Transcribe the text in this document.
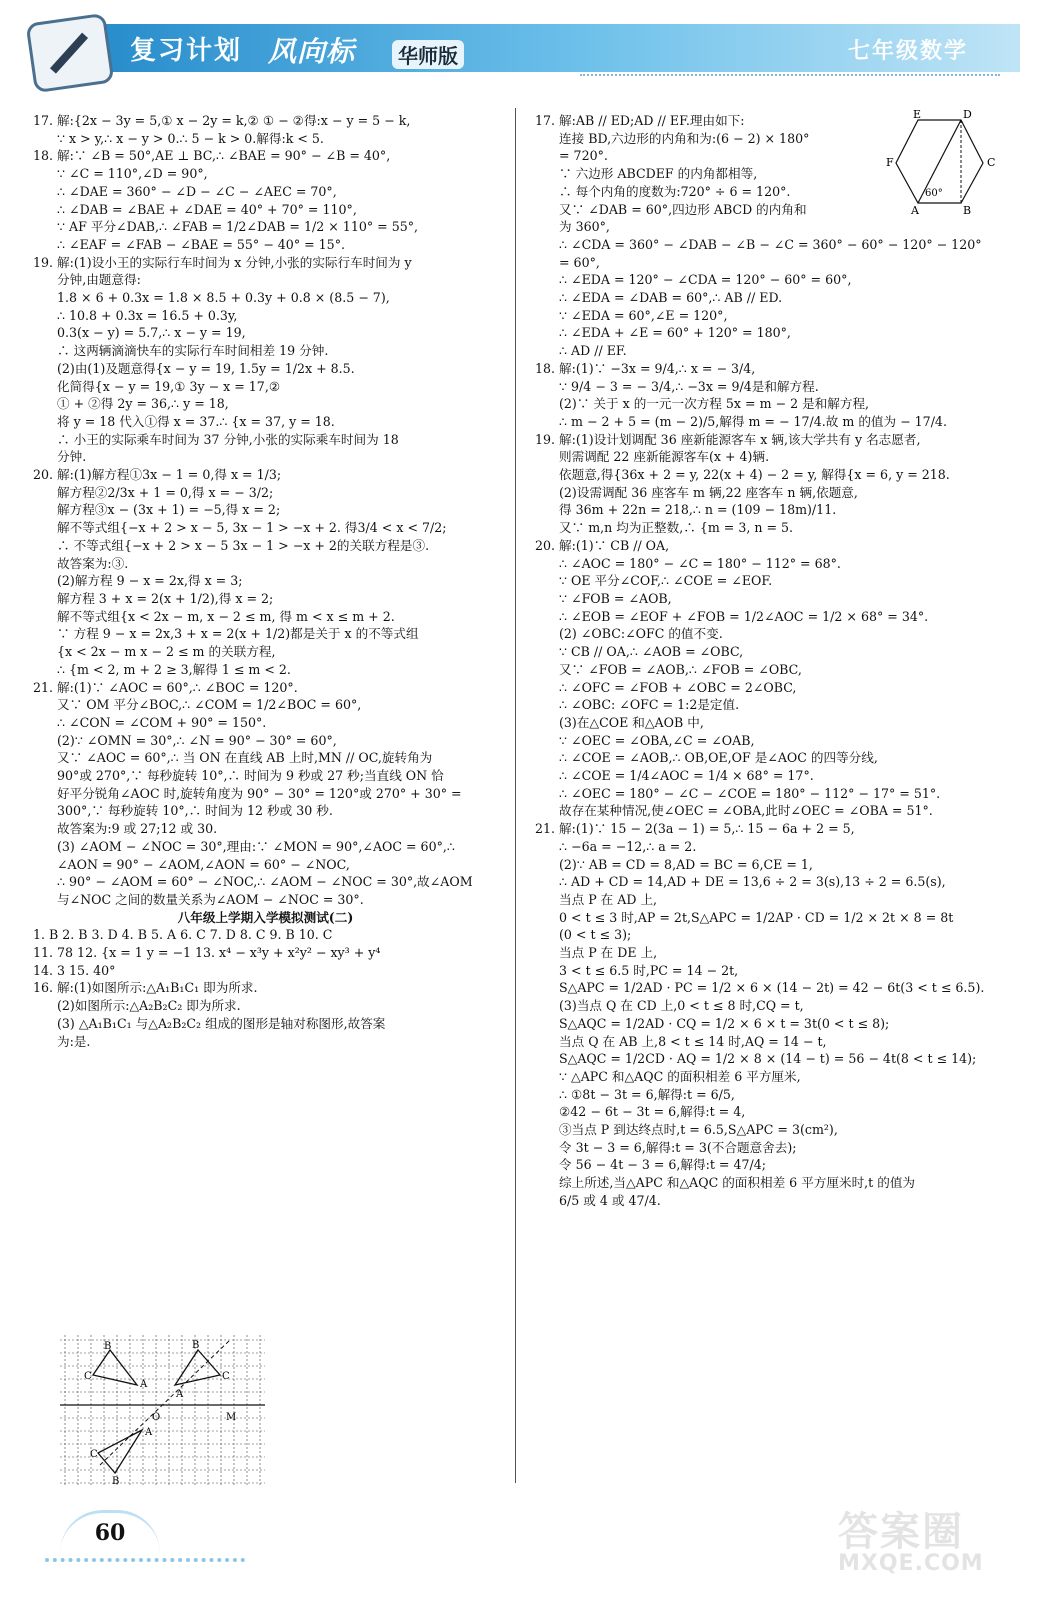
复习计划 风向标	华师版	七年级数学
17. 解:{2x − 3y = 5,① x − 2y = k,② ① − ②得:x − y = 5 − k,
∵ x > y,∴ x − y > 0.∴ 5 − k > 0.解得:k < 5.
18. 解:∵ ∠B = 50°,AE ⊥ BC,∴ ∠BAE = 90° − ∠B = 40°,
∵ ∠C = 110°,∠D = 90°,
∴ ∠DAE = 360° − ∠D − ∠C − ∠AEC = 70°,
∴ ∠DAB = ∠BAE + ∠DAE = 40° + 70° = 110°,
∵ AF 平分∠DAB,∴ ∠FAB = 1/2∠DAB = 1/2 × 110° = 55°,
∴ ∠EAF = ∠FAB − ∠BAE = 55° − 40° = 15°.
19. 解:(1)设小王的实际行车时间为 x 分钟,小张的实际行车时间为 y
分钟,由题意得:
1.8 × 6 + 0.3x = 1.8 × 8.5 + 0.3y + 0.8 × (8.5 − 7),
∴ 10.8 + 0.3x = 16.5 + 0.3y,
0.3(x − y) = 5.7,∴ x − y = 19,
∴ 这两辆滴滴快车的实际行车时间相差 19 分钟.
(2)由(1)及题意得{x − y = 19, 1.5y = 1/2x + 8.5.
化简得{x − y = 19,① 3y − x = 17,②
① + ②得 2y = 36,∴ y = 18,
将 y = 18 代入①得 x = 37.∴ {x = 37, y = 18.
∴ 小王的实际乘车时间为 37 分钟,小张的实际乘车时间为 18
分钟.
20. 解:(1)解方程①3x − 1 = 0,得 x = 1/3;
解方程②2/3x + 1 = 0,得 x = − 3/2;
解方程③x − (3x + 1) = −5,得 x = 2;
解不等式组{−x + 2 > x − 5, 3x − 1 > −x + 2. 得3/4 < x < 7/2;
∴ 不等式组{−x + 2 > x − 5 3x − 1 > −x + 2的关联方程是③.
故答案为:③.
(2)解方程 9 − x = 2x,得 x = 3;
解方程 3 + x = 2(x + 1/2),得 x = 2;
解不等式组{x < 2x − m, x − 2 ≤ m, 得 m < x ≤ m + 2.
∵ 方程 9 − x = 2x,3 + x = 2(x + 1/2)都是关于 x 的不等式组
{x < 2x − m x − 2 ≤ m 的关联方程,
∴ {m < 2, m + 2 ≥ 3,解得 1 ≤ m < 2.
21. 解:(1)∵ ∠AOC = 60°,∴ ∠BOC = 120°.
又∵ OM 平分∠BOC,∴ ∠COM = 1/2∠BOC = 60°,
∴ ∠CON = ∠COM + 90° = 150°.
(2)∵ ∠OMN = 30°,∴ ∠N = 90° − 30° = 60°,
又∵ ∠AOC = 60°,∴ 当 ON 在直线 AB 上时,MN // OC,旋转角为
90°或 270°,∵ 每秒旋转 10°,∴ 时间为 9 秒或 27 秒;当直线 ON 恰
好平分锐角∠AOC 时,旋转角度为 90° − 30° = 120°或 270° + 30° =
300°,∵ 每秒旋转 10°,∴ 时间为 12 秒或 30 秒.
故答案为:9 或 27;12 或 30.
(3) ∠AOM − ∠NOC = 30°,理由:∵ ∠MON = 90°,∠AOC = 60°,∴
∠AON = 90° − ∠AOM,∠AON = 60° − ∠NOC,
∴ 90° − ∠AOM = 60° − ∠NOC,∴ ∠AOM − ∠NOC = 30°,故∠AOM
与∠NOC 之间的数量关系为∠AOM − ∠NOC = 30°.
八年级上学期入学模拟测试(二)
1. B 2. B 3. D 4. B 5. A 6. C 7. D 8. C 9. B 10. C
11. 78 12. {x = 1 y = −1 13. x⁴ − x³y + x²y² − xy³ + y⁴
14. 3 15. 40°
16. 解:(1)如图所示:△A₁B₁C₁ 即为所求.
(2)如图所示:△A₂B₂C₂ 即为所求.
(3) △A₁B₁C₁ 与△A₂B₂C₂ 组成的图形是轴对称图形,故答案
为:是.
17. 解:AB // ED;AD // EF.理由如下:
连接 BD,六边形的内角和为:(6 − 2) × 180°
= 720°.
∵ 六边形 ABCDEF 的内角都相等,
∴ 每个内角的度数为:720° ÷ 6 = 120°.
又∵ ∠DAB = 60°,四边形 ABCD 的内角和
为 360°,
∴ ∠CDA = 360° − ∠DAB − ∠B − ∠C = 360° − 60° − 120° − 120°
= 60°,
∴ ∠EDA = 120° − ∠CDA = 120° − 60° = 60°,
∴ ∠EDA = ∠DAB = 60°,∴ AB // ED.
∵ ∠EDA = 60°,∠E = 120°,
∴ ∠EDA + ∠E = 60° + 120° = 180°,
∴ AD // EF.
18. 解:(1)∵ −3x = 9/4,∴ x = − 3/4,
∵ 9/4 − 3 = − 3/4,∴ −3x = 9/4是和解方程.
(2)∵ 关于 x 的一元一次方程 5x = m − 2 是和解方程,
∴ m − 2 + 5 = (m − 2)/5,解得 m = − 17/4.故 m 的值为 − 17/4.
19. 解:(1)设计划调配 36 座新能源客车 x 辆,该大学共有 y 名志愿者,
则需调配 22 座新能源客车(x + 4)辆.
依题意,得{36x + 2 = y, 22(x + 4) − 2 = y, 解得{x = 6, y = 218.
(2)设需调配 36 座客车 m 辆,22 座客车 n 辆,依题意,
得 36m + 22n = 218,∴ n = (109 − 18m)/11.
又∵ m,n 均为正整数,∴ {m = 3, n = 5.
20. 解:(1)∵ CB // OA,
∴ ∠AOC = 180° − ∠C = 180° − 112° = 68°.
∵ OE 平分∠COF,∴ ∠COE = ∠EOF.
∵ ∠FOB = ∠AOB,
∴ ∠EOB = ∠EOF + ∠FOB = 1/2∠AOC = 1/2 × 68° = 34°.
(2) ∠OBC:∠OFC 的值不变.
∵ CB // OA,∴ ∠AOB = ∠OBC,
又∵ ∠FOB = ∠AOB,∴ ∠FOB = ∠OBC,
∴ ∠OFC = ∠FOB + ∠OBC = 2∠OBC,
∴ ∠OBC: ∠OFC = 1:2是定值.
(3)在△COE 和△AOB 中,
∵ ∠OEC = ∠OBA,∠C = ∠OAB,
∴ ∠COE = ∠AOB,∴ OB,OE,OF 是∠AOC 的四等分线,
∴ ∠COE = 1/4∠AOC = 1/4 × 68° = 17°.
∴ ∠OEC = 180° − ∠C − ∠COE = 180° − 112° − 17° = 51°.
故存在某种情况,使∠OEC = ∠OBA,此时∠OEC = ∠OBA = 51°.
21. 解:(1)∵ 15 − 2(3a − 1) = 5,∴ 15 − 6a + 2 = 5,
∴ −6a = −12,∴ a = 2.
(2)∵ AB = CD = 8,AD = BC = 6,CE = 1,
∴ AD + CD = 14,AD + DE = 13,6 ÷ 2 = 3(s),13 ÷ 2 = 6.5(s),
当点 P 在 AD 上,
0 < t ≤ 3 时,AP = 2t,S△APC = 1/2AP · CD = 1/2 × 2t × 8 = 8t
(0 < t ≤ 3);
当点 P 在 DE 上,
3 < t ≤ 6.5 时,PC = 14 − 2t,
S△APC = 1/2AD · PC = 1/2 × 6 × (14 − 2t) = 42 − 6t(3 < t ≤ 6.5).
(3)当点 Q 在 CD 上,0 < t ≤ 8 时,CQ = t,
S△AQC = 1/2AD · CQ = 1/2 × 6 × t = 3t(0 < t ≤ 8);
当点 Q 在 AB 上,8 < t ≤ 14 时,AQ = 14 − t,
S△AQC = 1/2CD · AQ = 1/2 × 8 × (14 − t) = 56 − 4t(8 < t ≤ 14);
∵ △APC 和△AQC 的面积相差 6 平方厘米,
∴ ①8t − 3t = 6,解得:t = 6/5,
②42 − 6t − 3t = 6,解得:t = 4,
③当点 P 到达终点时,t = 6.5,S△APC = 3(cm²),
令 3t − 3 = 6,解得:t = 3(不合题意舍去);
令 56 − 4t − 3 = 6,解得:t = 47/4;
综上所述,当△APC 和△AQC 的面积相差 6 平方厘米时,t 的值为
6/5 或 4 或 47/4.
A	B
C
D
E
F
60°
B
C
A
B
C
A
O	M
A
B
C
60	答案圈
MXQE.COM
